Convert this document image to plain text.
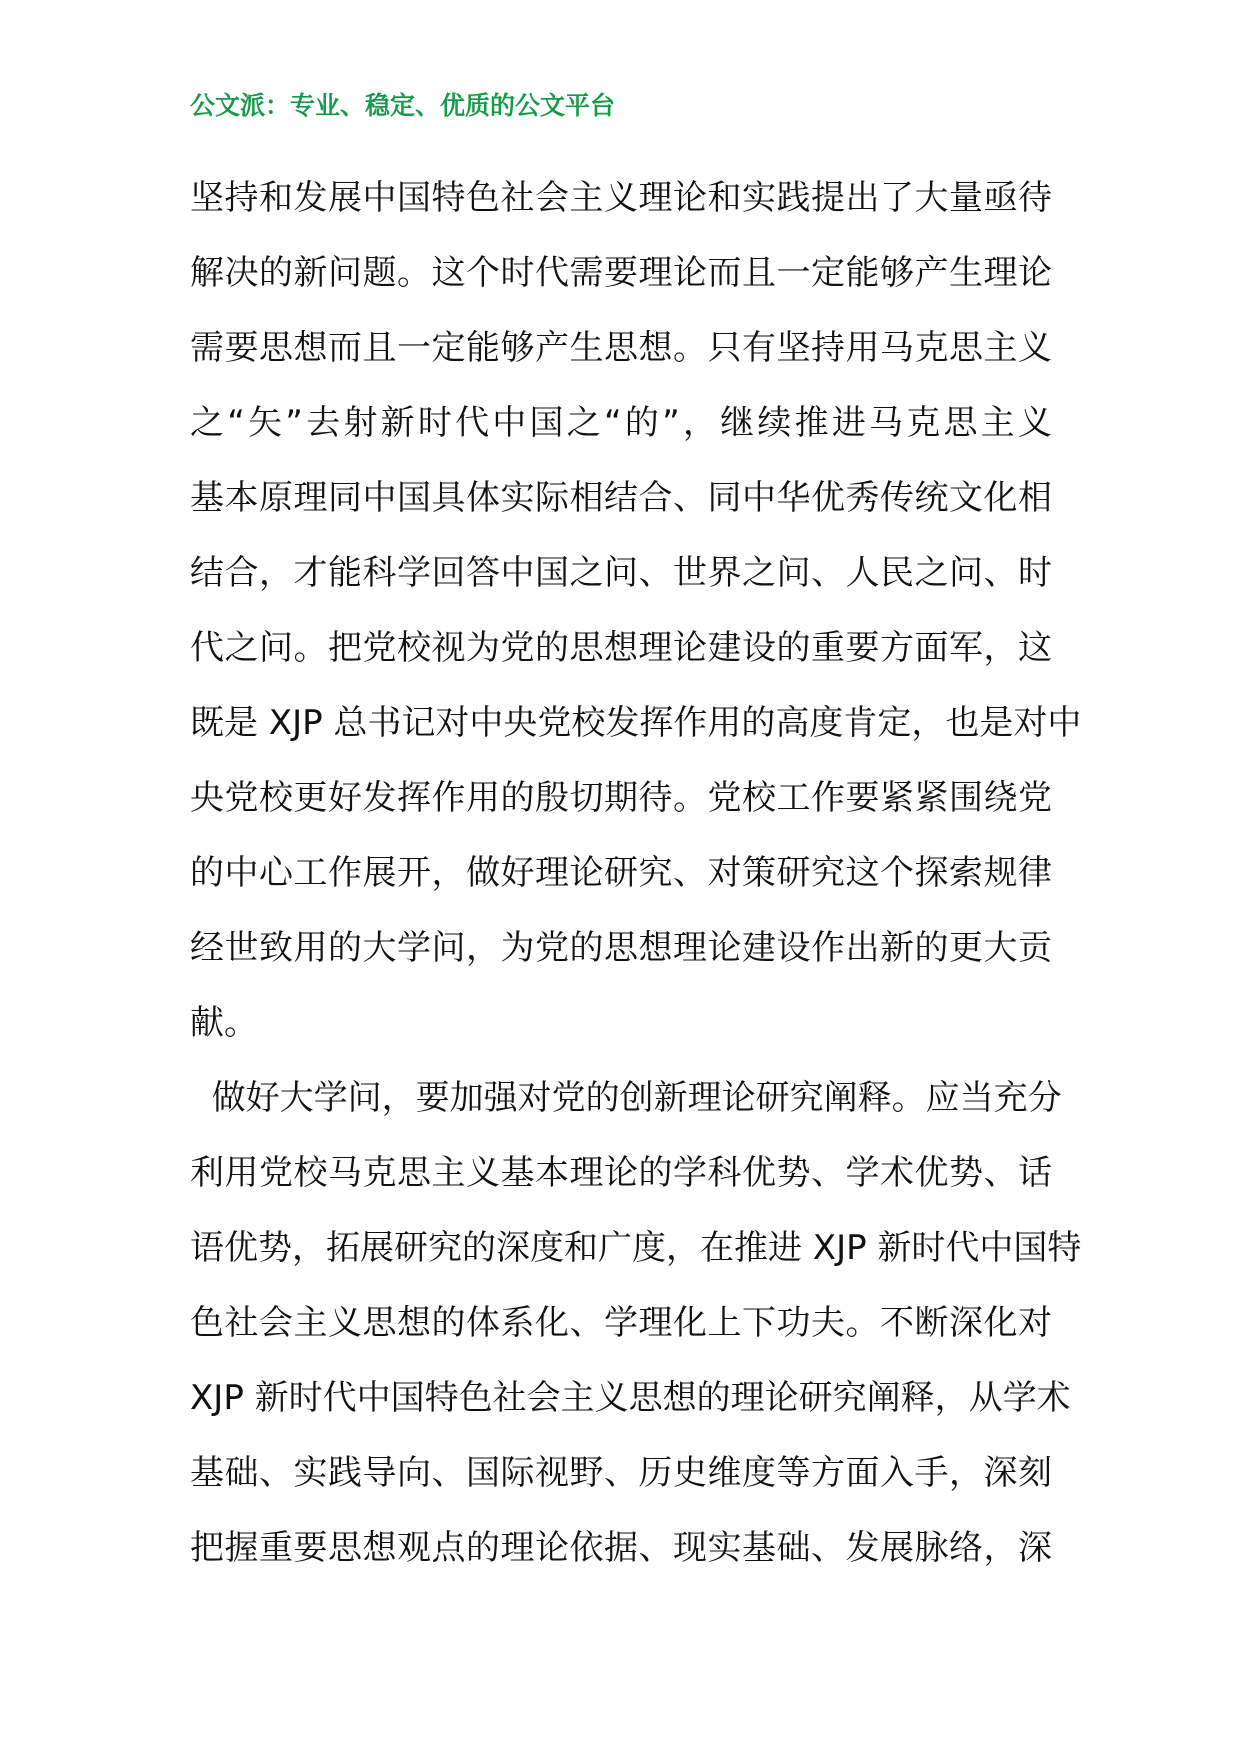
公文派：专业、稳定、优质的公文平台
坚持和发展中国特色社会主义理论和实践提出了大量亟待
解决的新问题。这个时代需要理论而且一定能够产生理论
需要思想而且一定能够产生思想。只有坚持用马克思主义
之“矢”去射新时代中国之“的”，继续推进马克思主义
基本原理同中国具体实际相结合、同中华优秀传统文化相
结合，才能科学回答中国之问、世界之问、人民之问、时
代之问。把党校视为党的思想理论建设的重要方面军，这
既是 XJP 总书记对中央党校发挥作用的高度肯定，也是对中
央党校更好发挥作用的殷切期待。党校工作要紧紧围绕党
的中心工作展开，做好理论研究、对策研究这个探索规律
经世致用的大学问，为党的思想理论建设作出新的更大贡
献。
做好大学问，要加强对党的创新理论研究阐释。应当充分
利用党校马克思主义基本理论的学科优势、学术优势、话
语优势，拓展研究的深度和广度，在推进 XJP 新时代中国特
色社会主义思想的体系化、学理化上下功夫。不断深化对
XJP 新时代中国特色社会主义思想的理论研究阐释，从学术
基础、实践导向、国际视野、历史维度等方面入手，深刻
把握重要思想观点的理论依据、现实基础、发展脉络，深
